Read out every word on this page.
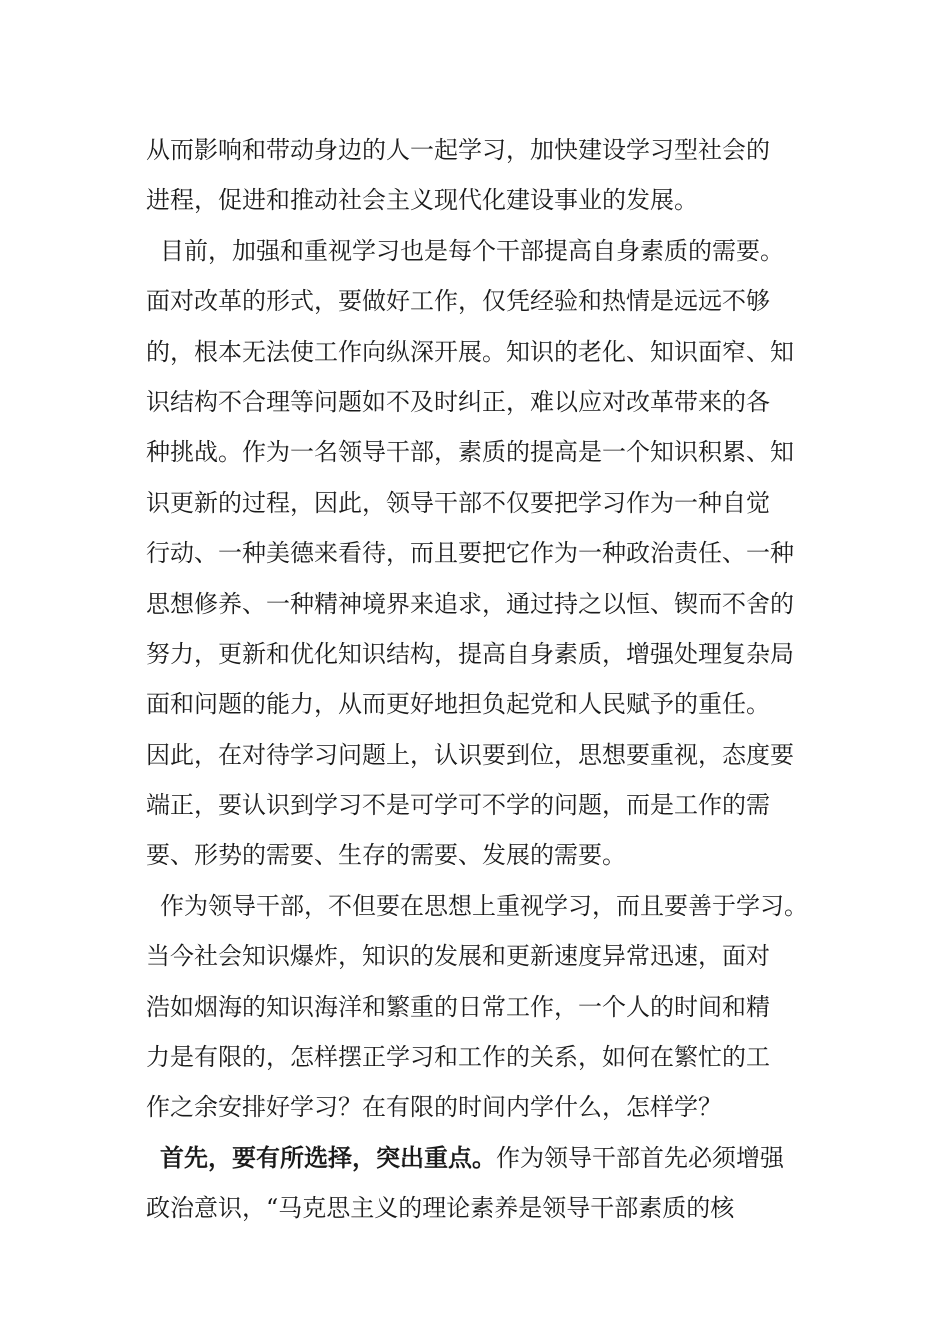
从而影响和带动身边的人一起学习，加快建设学习型社会的
进程，促进和推动社会主义现代化建设事业的发展。
目前，加强和重视学习也是每个干部提高自身素质的需要。
面对改革的形式，要做好工作，仅凭经验和热情是远远不够
的，根本无法使工作向纵深开展。知识的老化、知识面窄、知
识结构不合理等问题如不及时纠正，难以应对改革带来的各
种挑战。作为一名领导干部，素质的提高是一个知识积累、知
识更新的过程，因此，领导干部不仅要把学习作为一种自觉
行动、一种美德来看待，而且要把它作为一种政治责任、一种
思想修养、一种精神境界来追求，通过持之以恒、锲而不舍的
努力，更新和优化知识结构，提高自身素质，增强处理复杂局
面和问题的能力，从而更好地担负起党和人民赋予的重任。
因此，在对待学习问题上，认识要到位，思想要重视，态度要
端正，要认识到学习不是可学可不学的问题，而是工作的需
要、形势的需要、生存的需要、发展的需要。
作为领导干部，不但要在思想上重视学习，而且要善于学习。
当今社会知识爆炸，知识的发展和更新速度异常迅速，面对
浩如烟海的知识海洋和繁重的日常工作，一个人的时间和精
力是有限的，怎样摆正学习和工作的关系，如何在繁忙的工
作之余安排好学习？在有限的时间内学什么，怎样学？
首先，要有所选择，突出重点。作为领导干部首先必须增强
政治意识，“马克思主义的理论素养是领导干部素质的核
